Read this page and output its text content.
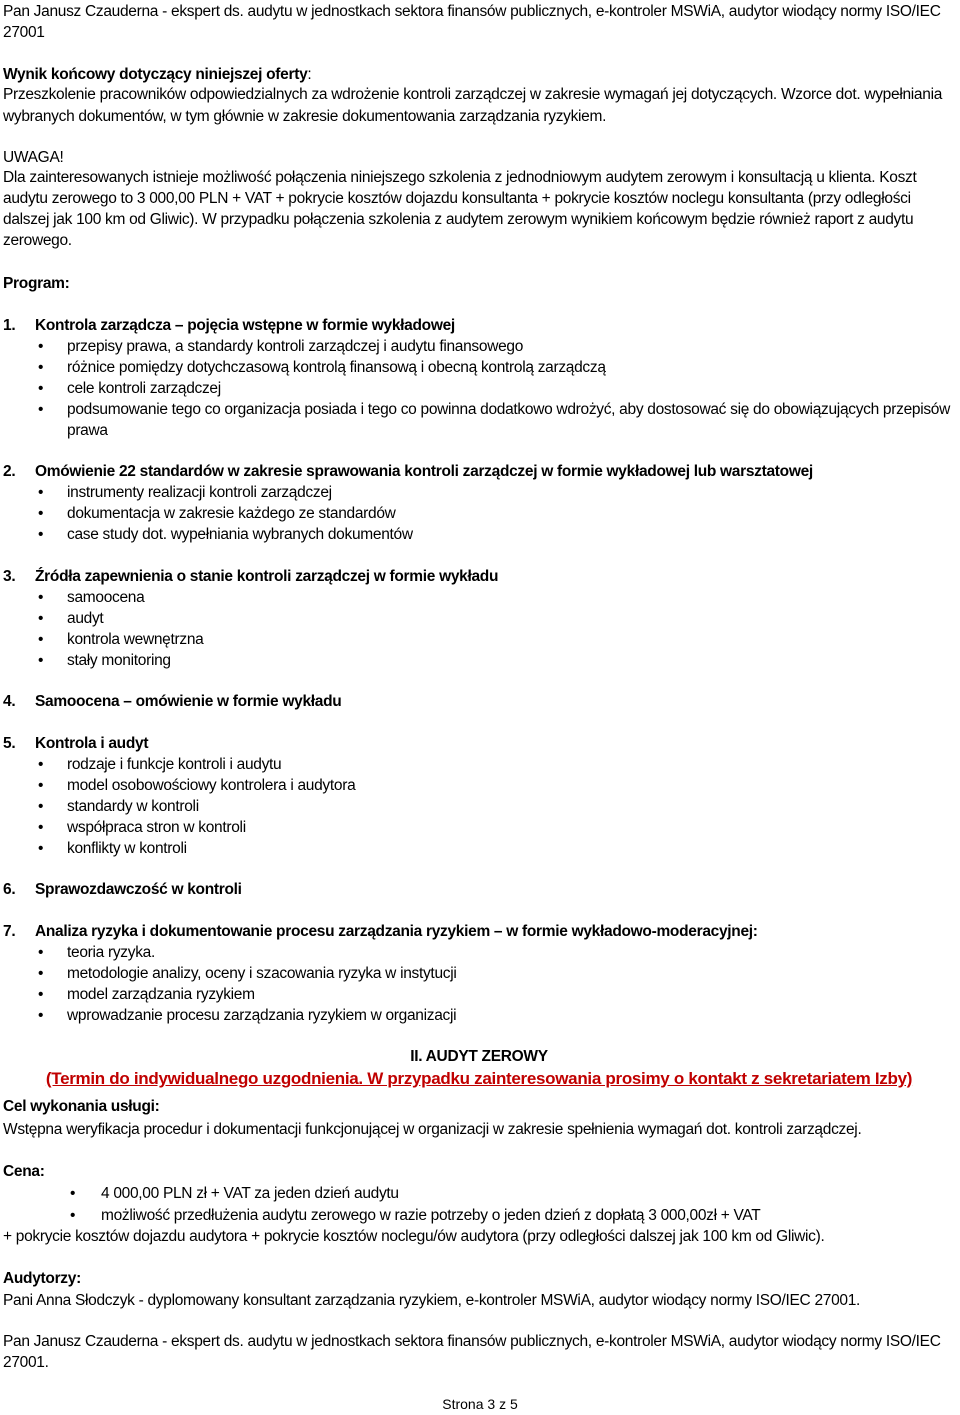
Pan Janusz Czauderna - ekspert ds. audytu w jednostkach sektora finansów publicznych, e-kontroler MSWiA, audytor wiodący normy ISO/IEC

27001

Wynik końcowy dotyczący niniejszej oferty:

Przeszkolenie pracowników odpowiedzialnych za wdrożenie kontroli zarządczej w zakresie wymagań jej dotyczących. Wzorce dot. wypełniania

wybranych dokumentów, w tym głównie w zakresie dokumentowania zarządzania ryzykiem.

UWAGA!

Dla zainteresowanych istnieje możliwość połączenia niniejszego szkolenia z jednodniowym audytem zerowym i konsultacją u klienta. Koszt

audytu zerowego to 3 000,00 PLN + VAT + pokrycie kosztów dojazdu konsultanta + pokrycie kosztów noclegu konsultanta (przy odległości

dalszej jak 100 km od Gliwic). W przypadku połączenia szkolenia z audytem zerowym wynikiem końcowym będzie również raport z audytu

zerowego.

Program:

1. Kontrola zarządcza – pojęcia wstępne w formie wykładowej

• przepisy prawa, a standardy kontroli zarządczej i audytu finansowego
• różnice pomiędzy dotychczasową kontrolą finansową i obecną kontrolą zarządczą
• cele kontroli zarządczej
• podsumowanie tego co organizacja posiada i tego co powinna dodatkowo wdrożyć, aby dostosować się do obowiązujących przepisów prawa

2. Omówienie 22 standardów w zakresie sprawowania kontroli zarządczej w formie wykładowej lub warsztatowej

• instrumenty realizacji kontroli zarządczej
• dokumentacja w zakresie każdego ze standardów
• case study dot. wypełniania wybranych dokumentów

3. Źródła zapewnienia o stanie kontroli zarządczej w formie wykładu

• samoocena
• audyt
• kontrola wewnętrzna
• stały monitoring

4. Samoocena – omówienie w formie wykładu

5. Kontrola i audyt

• rodzaje i funkcje kontroli i audytu
• model osobowościowy kontrolera i audytora
• standardy w kontroli
• współpraca stron w kontroli
• konflikty w kontroli

6. Sprawozdawczość w kontroli

7. Analiza ryzyka i dokumentowanie procesu zarządzania ryzykiem – w formie wykładowo-moderacyjnej:

• teoria ryzyka.
• metodologie analizy, oceny i szacowania ryzyka w instytucji
• model zarządzania ryzykiem
• wprowadzanie procesu zarządzania ryzykiem w organizacji

II. AUDYT ZEROWY

(Termin do indywidualnego uzgodnienia. W przypadku zainteresowania prosimy o kontakt z sekretariatem Izby)

Cel wykonania usługi:

Wstępna weryfikacja procedur i dokumentacji funkcjonującej w organizacji w zakresie spełnienia wymagań dot. kontroli zarządczej.

Cena:

• 4 000,00 PLN zł + VAT za jeden dzień audytu
• możliwość przedłużenia audytu zerowego w razie potrzeby o jeden dzień z dopłatą 3 000,00zł + VAT

+ pokrycie kosztów dojazdu audytora + pokrycie kosztów noclegu/ów audytora (przy odległości dalszej jak 100 km od Gliwic).

Audytorzy:

Pani Anna Słodczyk - dyplomowany konsultant zarządzania ryzykiem, e-kontroler MSWiA, audytor wiodący normy ISO/IEC 27001.

Pan Janusz Czauderna - ekspert ds. audytu w jednostkach sektora finansów publicznych, e-kontroler MSWiA, audytor wiodący normy ISO/IEC

27001.

Strona 3 z 5
